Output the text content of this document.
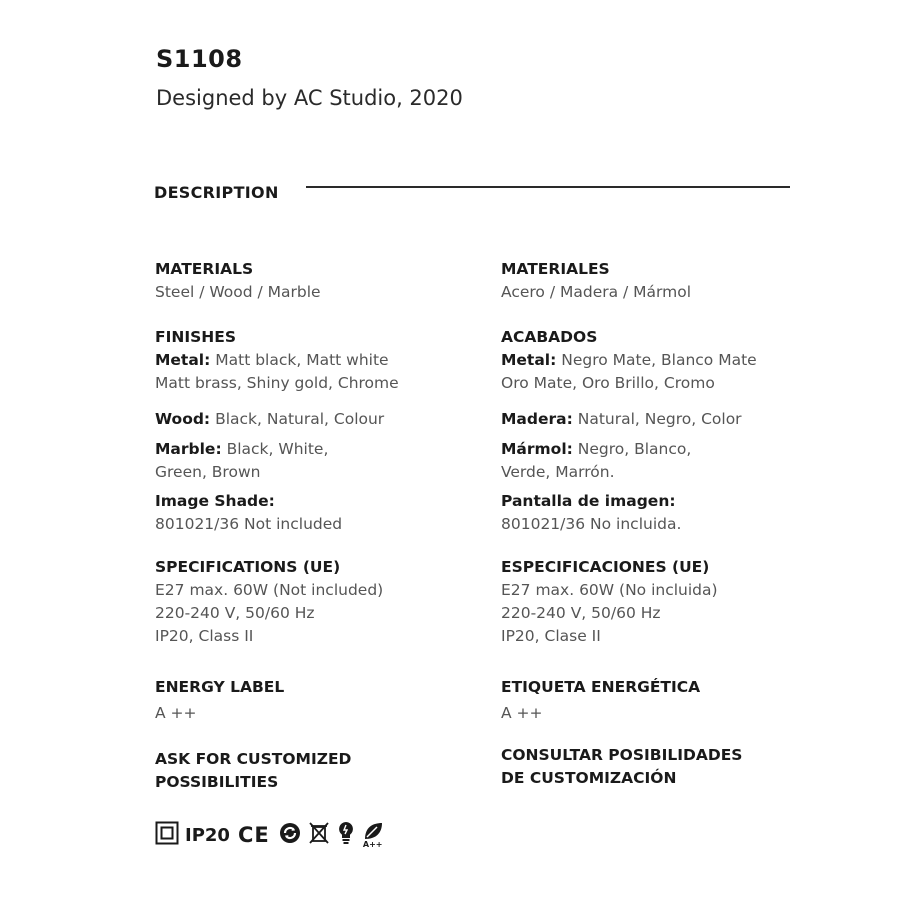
S1108
Designed by AC Studio, 2020
DESCRIPTION
MATERIALS
Steel / Wood / Marble
FINISHES
Metal: Matt black, Matt white
Matt brass, Shiny gold, Chrome
Wood: Black, Natural, Colour
Marble: Black, White,
Green, Brown
Image Shade:
801021/36 Not included
SPECIFICATIONS (UE)
E27 max. 60W (Not included)
220-240 V, 50/60 Hz
IP20, Class II
ENERGY LABEL
A ++
ASK FOR CUSTOMIZED
POSSIBILITIES
MATERIALES
Acero / Madera / Mármol
ACABADOS
Metal: Negro Mate, Blanco Mate
Oro Mate, Oro Brillo, Cromo
Madera: Natural, Negro, Color
Mármol: Negro, Blanco,
Verde, Marrón.
Pantalla de imagen:
801021/36 No incluida.
ESPECIFICACIONES (UE)
E27 max. 60W (No incluida)
220-240 V, 50/60 Hz
IP20, Clase II
ETIQUETA ENERGÉTICA
A ++
CONSULTAR POSIBILIDADES
DE CUSTOMIZACIÓN
IP20 CE	A++
